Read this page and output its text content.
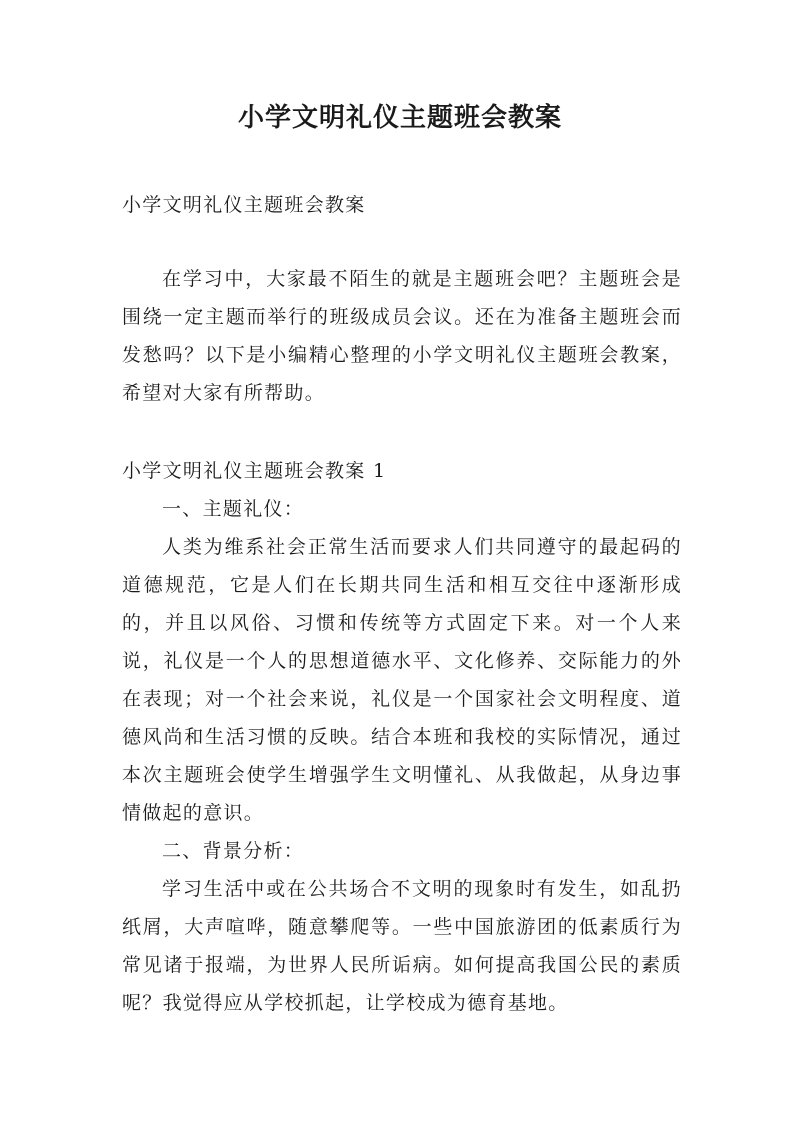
小学文明礼仪主题班会教案

小学文明礼仪主题班会教案

在学习中，大家最不陌生的就是主题班会吧？主题班会是围绕一定主题而举行的班级成员会议。还在为准备主题班会而发愁吗？以下是小编精心整理的小学文明礼仪主题班会教案，希望对大家有所帮助。

小学文明礼仪主题班会教案 1

一、主题礼仪：

人类为维系社会正常生活而要求人们共同遵守的最起码的道德规范，它是人们在长期共同生活和相互交往中逐渐形成的，并且以风俗、习惯和传统等方式固定下来。对一个人来说，礼仪是一个人的思想道德水平、文化修养、交际能力的外在表现；对一个社会来说，礼仪是一个国家社会文明程度、道德风尚和生活习惯的反映。结合本班和我校的实际情况，通过本次主题班会使学生增强学生文明懂礼、从我做起，从身边事情做起的意识。

二、背景分析：

学习生活中或在公共场合不文明的现象时有发生，如乱扔纸屑，大声喧哗，随意攀爬等。一些中国旅游团的低素质行为常见诸于报端，为世界人民所诟病。如何提高我国公民的素质呢？我觉得应从学校抓起，让学校成为德育基地。
